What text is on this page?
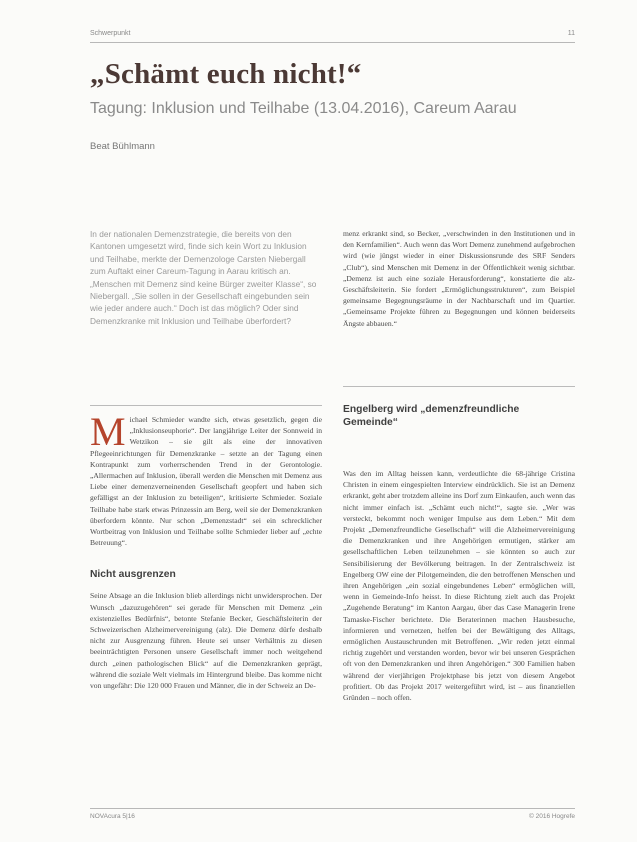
Schwerpunkt	11
„Schämt euch nicht!“
Tagung: Inklusion und Teilhabe (13.04.2016), Careum Aarau
Beat Bühlmann

In der nationalen Demenzstrategie, die bereits von den Kantonen umgesetzt wird, finde sich kein Wort zu Inklusion und Teilhabe, merkte der Demenzologe Carsten Niebergall zum Auftakt einer Careum-Tagung in Aarau kritisch an. „Menschen mit Demenz sind keine Bürger zweiter Klasse“, so Niebergall. „Sie sollen in der Gesellschaft eingebunden sein wie jeder andere auch.“ Doch ist das möglich? Oder sind Demenzkranke mit Inklusion und Teilhabe überfordert?

Michael Schmieder wandte sich, etwas gesetzlich, gegen die „Inklusionseuphorie“. Der langjährige Leiter der Sonnweid in Wetzikon – sie gilt als eine der innovativen Pflegeeinrichtungen für Demenzkranke – setzte an der Tagung einen Kontrapunkt zum vorherrschenden Trend in der Gerontologie. „Allermachen auf Inklusion, überall werden die Menschen mit Demenz aus Liebe einer demenzverneinenden Gesellschaft geopfert und haben sich gefälligst an der Inklusion zu beteiligen“, kritisierte Schmieder. Soziale Teilhabe habe stark etwas Prinzessin am Berg, weil sie der Demenzkranken überfordern könnte. Nur schon „Demenzstadt“ sei ein schrecklicher Wortbeitrag von Inklusion und Teilhabe sollte Schmieder lieber auf „echte Betreuung“.

Nicht ausgrenzen

Seine Absage an die Inklusion blieb allerdings nicht unwidersprochen. Der Wunsch „dazuzugehören“ sei gerade für Menschen mit Demenz „ein existenzielles Bedürfnis“, betonte Stefanie Becker, Geschäftsleiterin der Schweizerischen Alzheimervereinigung (alz). Die Demenz dürfe deshalb nicht zur Ausgrenzung führen. Heute sei unser Verhältnis zu diesen beeinträchtigten Personen unsere Gesellschaft immer noch weitgehend durch „einen pathologischen Blick“ auf die Demenzkranken geprägt, während die soziale Welt vielmals im Hintergrund bleibe. Das komme nicht von ungefähr: Die 120 000 Frauen und Männer, die in der Schweiz an De-

menz erkrankt sind, so Becker, „verschwinden in den Institutionen und in den Kernfamilien“. Auch wenn das Wort Demenz zunehmend aufgebrochen wird (wie jüngst wieder in einer Diskussionsrunde des SRF Senders „Club“), sind Menschen mit Demenz in der Öffentlichkeit wenig sichtbar. „Demenz ist auch eine soziale Herausforderung“, konstatierte die alz-Geschäftsleiterin. Sie fordert „Ermöglichungsstrukturen“, zum Beispiel gemeinsame Begegnungsräume in der Nachbarschaft und im Quartier. „Gemeinsame Projekte führen zu Begegnungen und können beiderseits Ängste abbauen.“

Engelberg wird „demenzfreundliche Gemeinde“

Was den im Alltag heissen kann, verdeutlichte die 68-jährige Cristina Christen in einem eingespielten Interview eindrücklich. Sie ist an Demenz erkrankt, geht aber trotzdem alleine ins Dorf zum Einkaufen, auch wenn das nicht immer einfach ist. „Schämt euch nicht!“, sagte sie. „Wer was versteckt, bekommt noch weniger Impulse aus dem Leben.“ Mit dem Projekt „Demenzfreundliche Gesellschaft“ will die Alzheimervereinigung die Demenzkranken und ihre Angehörigen ermutigen, stärker am gesellschaftlichen Leben teilzunehmen – sie könnten so auch zur Sensibilisierung der Bevölkerung beitragen. In der Zentralschweiz ist Engelberg OW eine der Pilotgemeinden, die den betroffenen Menschen und ihren Angehörigen „ein sozial eingebundenes Leben“ ermöglichen will, wenn in Gemeinde-Info heisst. In diese Richtung zielt auch das Projekt „Zugehende Beratung“ im Kanton Aargau, über das Case Managerin Irene Tamaske-Fischer berichtete. Die Beraterinnen machen Hausbesuche, informieren und vernetzen, helfen bei der Bewältigung des Alltags, ermöglichen Austauschrunden mit Betroffenen. „Wir reden jetzt einmal richtig zugehört und verstanden worden, bevor wir bei unseren Gesprächen oft von den Demenzkranken und ihren Angehörigen.“ 300 Familien haben während der vierjährigen Projektphase bis jetzt von diesem Angebot profitiert. Ob das Projekt 2017 weitergeführt wird, ist – aus finanziellen Gründen – noch offen.

NOVAcura 5|16	© 2016 Hogrefe
